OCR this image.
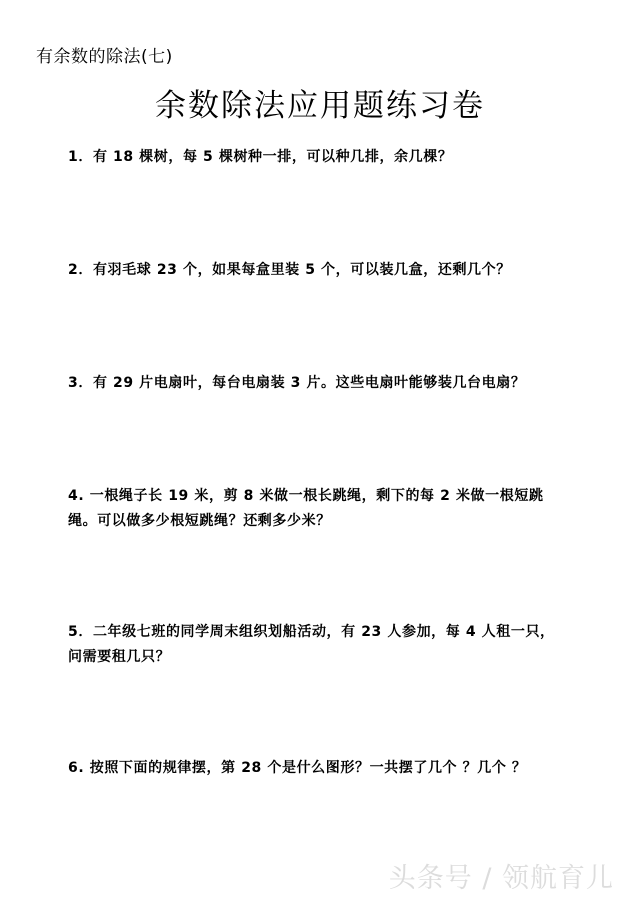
有余数的除法(七)
余数除法应用题练习卷
1．有 18 棵树，每 5 棵树种一排，可以种几排，余几棵？
2．有羽毛球 23 个，如果每盒里装 5 个，可以装几盒，还剩几个？
3．有 29 片电扇叶，每台电扇装 3 片。这些电扇叶能够装几台电扇？
4. 一根绳子长 19 米，剪 8 米做一根长跳绳，剩下的每 2 米做一根短跳绳。可以做多少根短跳绳？还剩多少米？
5．二年级七班的同学周末组织划船活动，有 23 人参加，每 4 人租一只，问需要租几只？
6. 按照下面的规律摆，第 28 个是什么图形？一共摆了几个 ？几个 ？
头条号 / 领航育儿
